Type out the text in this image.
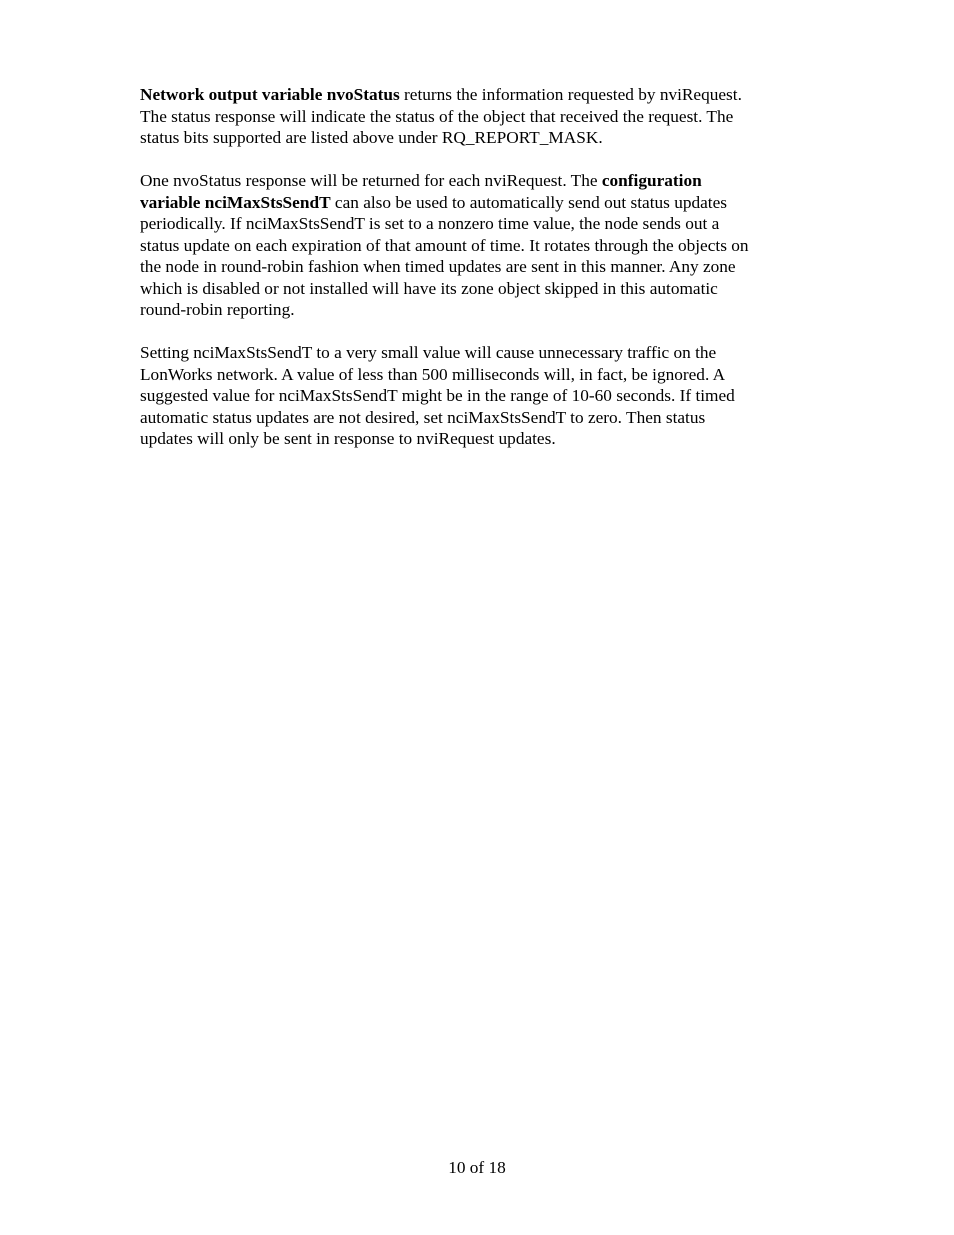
Network output variable nvoStatus returns the information requested by nviRequest.
The status response will indicate the status of the object that received the request. The
status bits supported are listed above under RQ_REPORT_MASK.

One nvoStatus response will be returned for each nviRequest. The configuration
variable nciMaxStsSendT can also be used to automatically send out status updates
periodically. If nciMaxStsSendT is set to a nonzero time value, the node sends out a
status update on each expiration of that amount of time. It rotates through the objects on
the node in round-robin fashion when timed updates are sent in this manner. Any zone
which is disabled or not installed will have its zone object skipped in this automatic
round-robin reporting.

Setting nciMaxStsSendT to a very small value will cause unnecessary traffic on the
LonWorks network. A value of less than 500 milliseconds will, in fact, be ignored. A
suggested value for nciMaxStsSendT might be in the range of 10-60 seconds. If timed
automatic status updates are not desired, set nciMaxStsSendT to zero. Then status
updates will only be sent in response to nviRequest updates.

10 of 18
